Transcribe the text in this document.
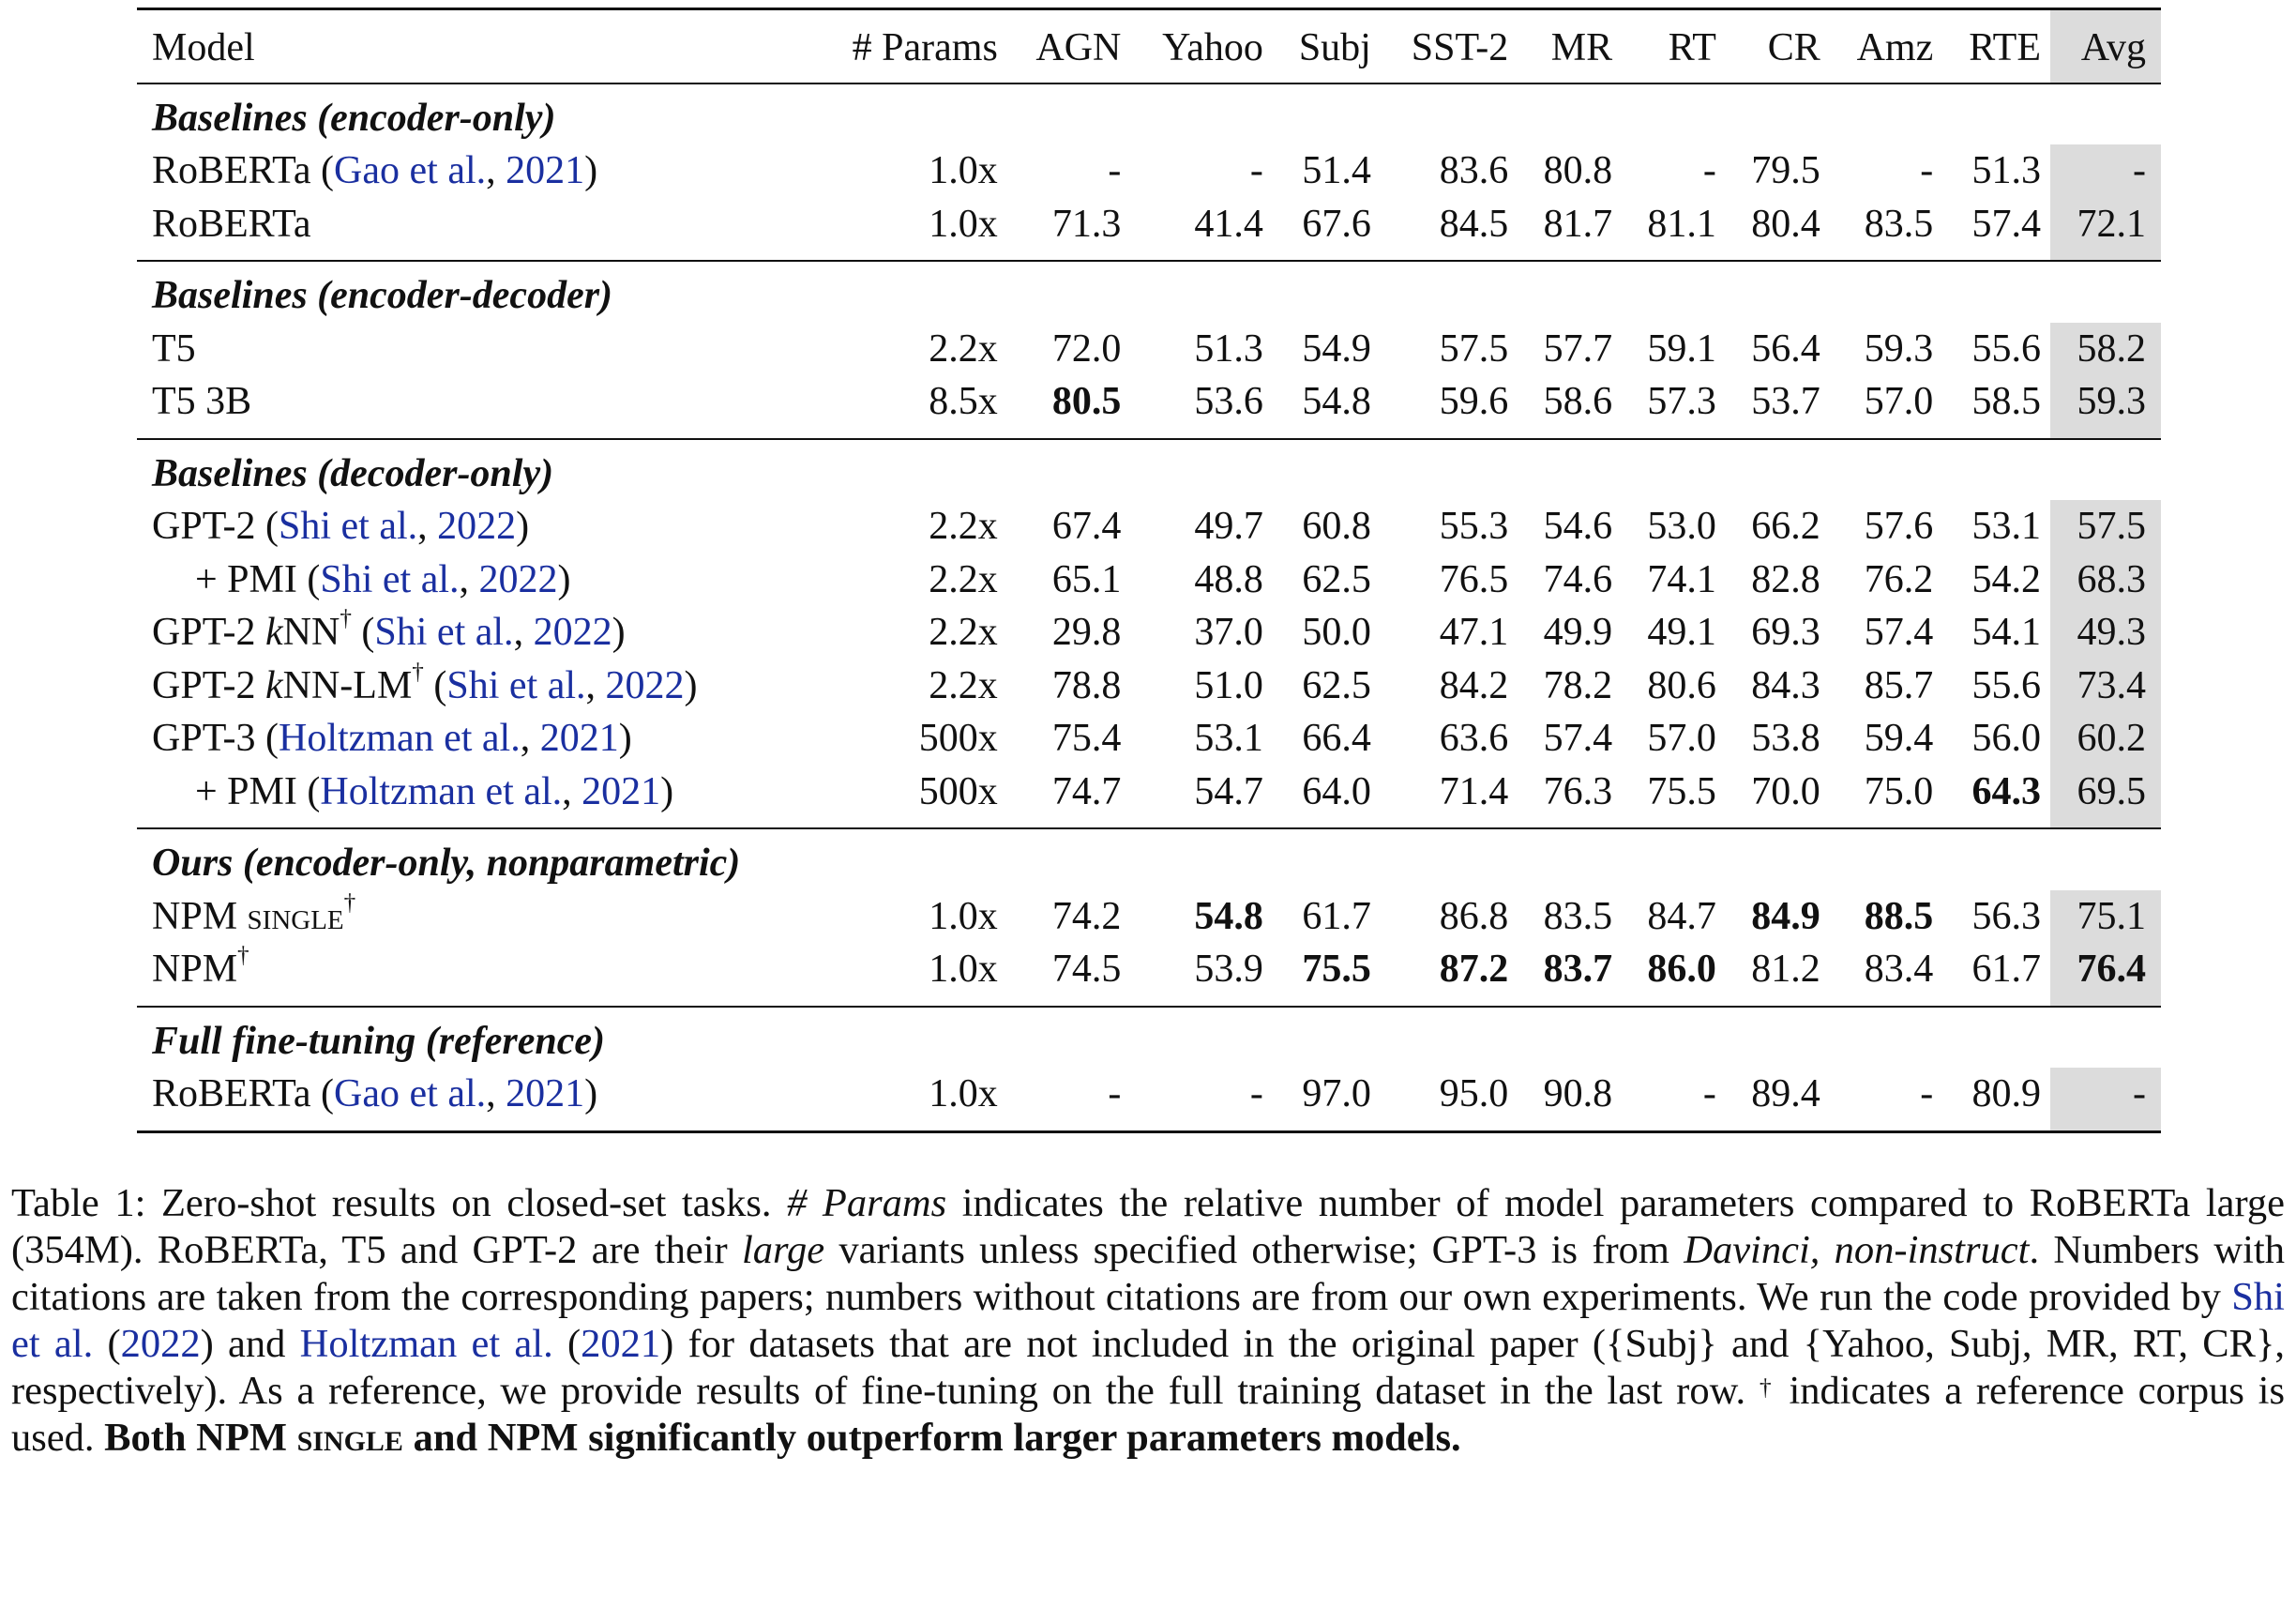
Model	# Params	AGN	Yahoo	Subj	SST-2	MR	RT	CR	Amz	RTE	Avg
Baselines (encoder-only)											
RoBERTa (Gao et al., 2021)	1.0x	-	-	51.4	83.6	80.8	-	79.5	-	51.3	-
RoBERTa	1.0x	71.3	41.4	67.6	84.5	81.7	81.1	80.4	83.5	57.4	72.1
Baselines (encoder-decoder)											
T5	2.2x	72.0	51.3	54.9	57.5	57.7	59.1	56.4	59.3	55.6	58.2
T5 3B	8.5x	80.5	53.6	54.8	59.6	58.6	57.3	53.7	57.0	58.5	59.3
Baselines (decoder-only)											
GPT-2 (Shi et al., 2022)	2.2x	67.4	49.7	60.8	55.3	54.6	53.0	66.2	57.6	53.1	57.5
+ PMI (Shi et al., 2022)	2.2x	65.1	48.8	62.5	76.5	74.6	74.1	82.8	76.2	54.2	68.3
GPT-2 kNN† (Shi et al., 2022)	2.2x	29.8	37.0	50.0	47.1	49.9	49.1	69.3	57.4	54.1	49.3
GPT-2 kNN-LM† (Shi et al., 2022)	2.2x	78.8	51.0	62.5	84.2	78.2	80.6	84.3	85.7	55.6	73.4
GPT-3 (Holtzman et al., 2021)	500x	75.4	53.1	66.4	63.6	57.4	57.0	53.8	59.4	56.0	60.2
+ PMI (Holtzman et al., 2021)	500x	74.7	54.7	64.0	71.4	76.3	75.5	70.0	75.0	64.3	69.5
Ours (encoder-only, nonparametric)											
NPM single†	1.0x	74.2	54.8	61.7	86.8	83.5	84.7	84.9	88.5	56.3	75.1
NPM†	1.0x	74.5	53.9	75.5	87.2	83.7	86.0	81.2	83.4	61.7	76.4
Full fine-tuning (reference)											
RoBERTa (Gao et al., 2021)	1.0x	-	-	97.0	95.0	90.8	-	89.4	-	80.9	-
Table 1: Zero-shot results on closed-set tasks. # Params indicates the relative number of model parameters compared to RoBERTa large (354M). RoBERTa, T5 and GPT-2 are their large variants unless specified otherwise; GPT-3 is from Davinci, non-instruct. Numbers with citations are taken from the corresponding papers; numbers without citations are from our own experiments. We run the code provided by Shi et al. (2022) and Holtzman et al. (2021) for datasets that are not included in the original paper ({Subj} and {Yahoo, Subj, MR, RT, CR}, respectively). As a reference, we provide results of fine-tuning on the full training dataset in the last row. † indicates a reference corpus is used. Both NPM single and NPM significantly outperform larger parameters models.
